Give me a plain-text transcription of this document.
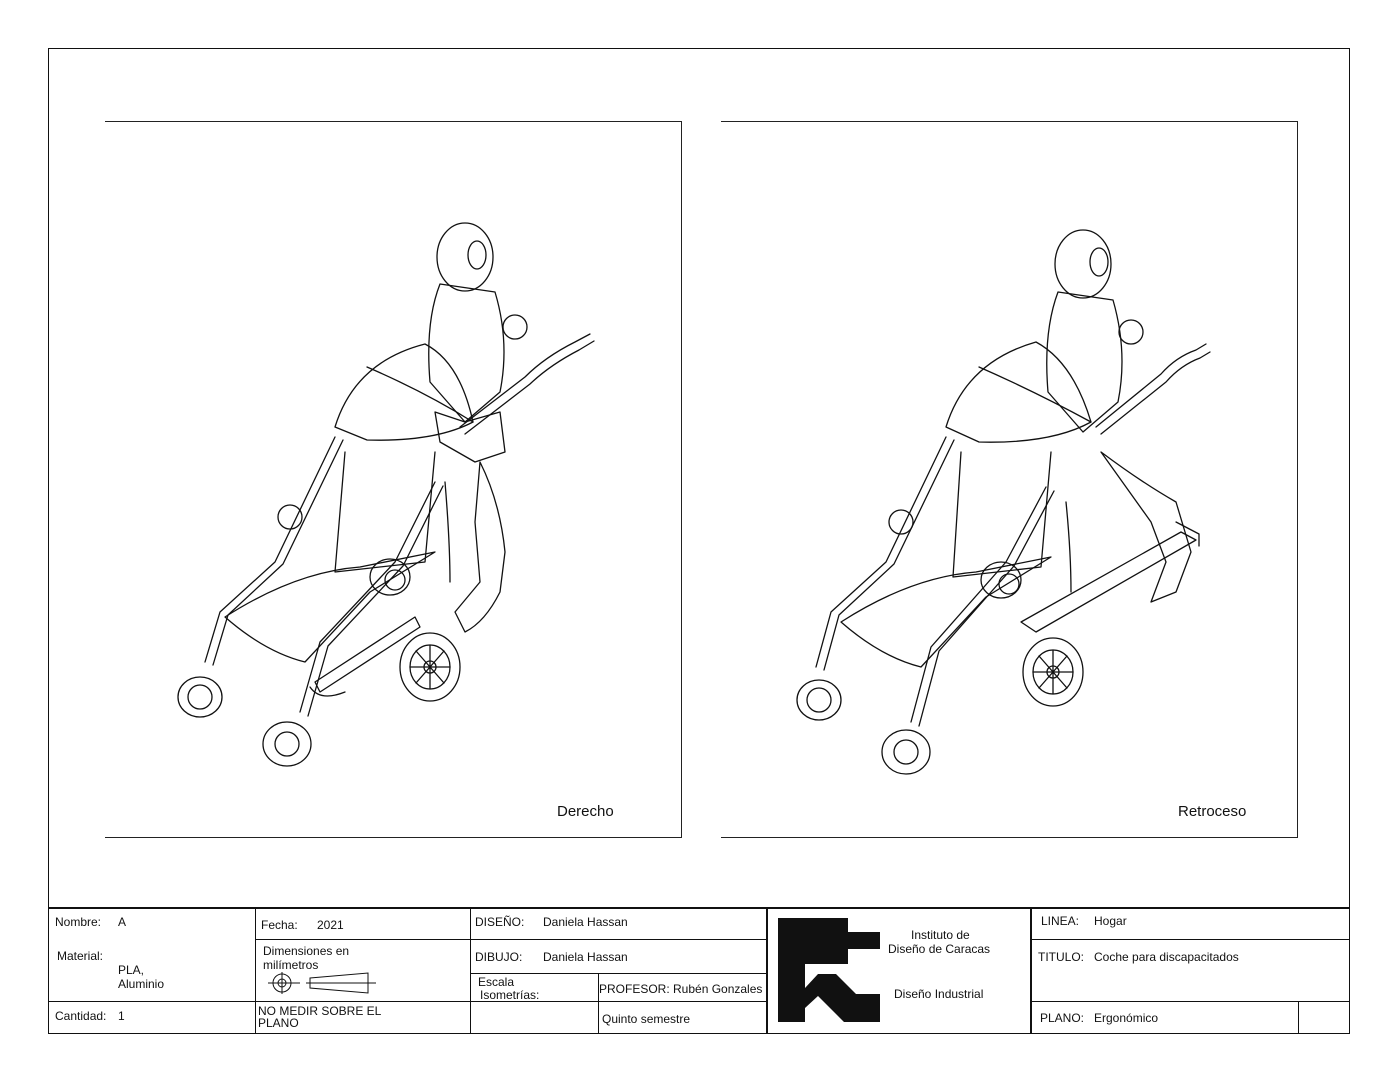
Derecho	Retroceso
Nombre: A
Material:
PLA,
Aluminio
Cantidad: 1
Fecha: 2021
Dimensiones en
milímetros
NO MEDIR SOBRE EL
PLANO
DISEÑO: Daniela Hassan
DIBUJO: Daniela Hassan
Escala
Isometrías:	PROFESOR: Rubén Gonzales
Quinto semestre
Instituto de
Diseño de Caracas
Diseño Industrial
LINEA: Hogar
TITULO: Coche para discapacitados
PLANO: Ergonómico
